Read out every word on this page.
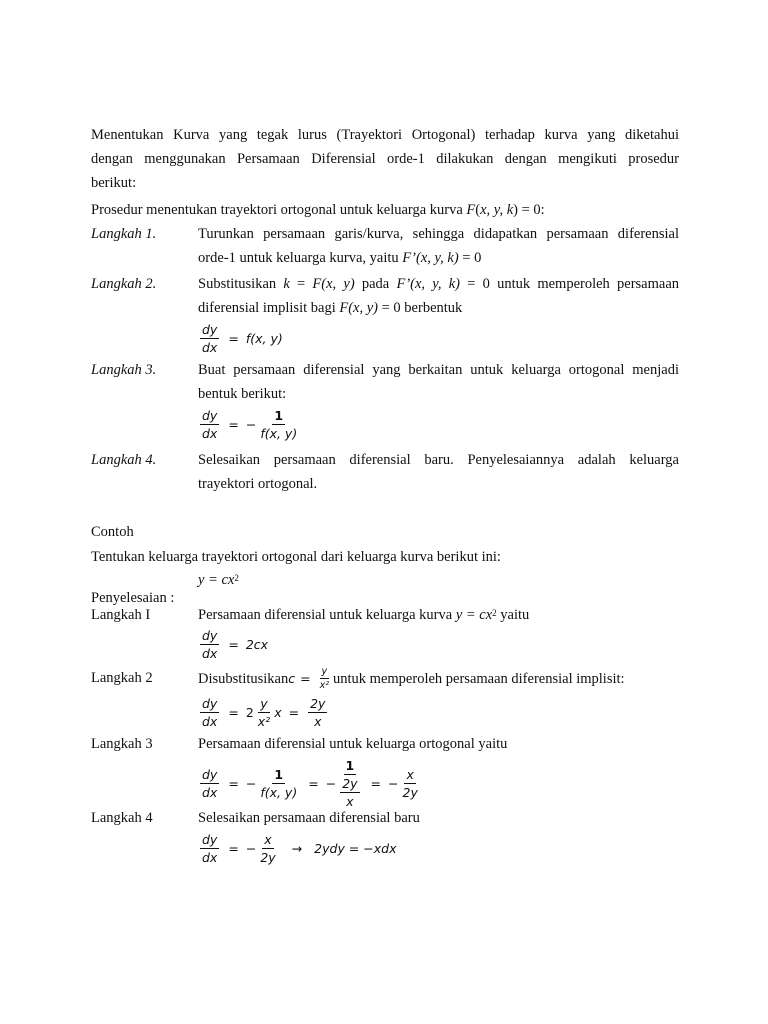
Menentukan Kurva yang tegak lurus (Trayektori Ortogonal) terhadap kurva yang diketahui
dengan menggunakan Persamaan Diferensial orde-1 dilakukan dengan mengikuti prosedur
berikut:
Prosedur menentukan trayektori ortogonal untuk keluarga kurva F(x, y, k) = 0:
Langkah 1.	Turunkan persamaan garis/kurva, sehingga didapatkan persamaan diferensial
orde-1 untuk keluarga kurva, yaitu F’(x, y, k) = 0
Langkah 2.	Substitusikan k = F(x, y) pada F’(x, y, k) = 0 untuk memperoleh persamaan
diferensial implisit bagi F(x, y) = 0 berbentuk
$\frac{dy}{dx} = f(x$, y)
Langkah 3.	Buat persamaan diferensial yang berkaitan untuk keluarga ortogonal menjadi
bentuk berikut:
$\frac{dy}{dx}$ = − $\frac{1}{f(x, y)}$
Langkah 4.	Selesaikan persamaan diferensial baru. Penyelesaiannya adalah keluarga
trayektori ortogonal.
Contoh
Tentukan keluarga trayektori ortogonal dari keluarga kurva berikut ini:
$y = cx^2$
Penyelesaian :
Langkah I	Persamaan diferensial untuk keluarga kurva $y = cx^2$ yaitu
$\frac{dy}{dx} = 2cx$
Langkah 2	Disubstitusikan $c = \frac{y}{\text{x²}}$ untuk memperoleh persamaan diferensial implisit:
$\frac{dy}{dx} = 2 \frac{y}{\text{x²}}$ $x = \frac{2y}{x}$
Langkah 3	Persamaan diferensial untuk keluarga ortogonal yaitu
$\frac{dy}{dx}$ = − $\frac{1}{f(x, y)}$ = − $\frac{1}{\frac{2y}{x}}$ = − $\frac{x}{2y}$
Langkah 4	Selesaikan persamaan diferensial baru
$\frac{dy}{dx}$ = − $\frac{x}{2y} \to 2ydy = -xdx$
